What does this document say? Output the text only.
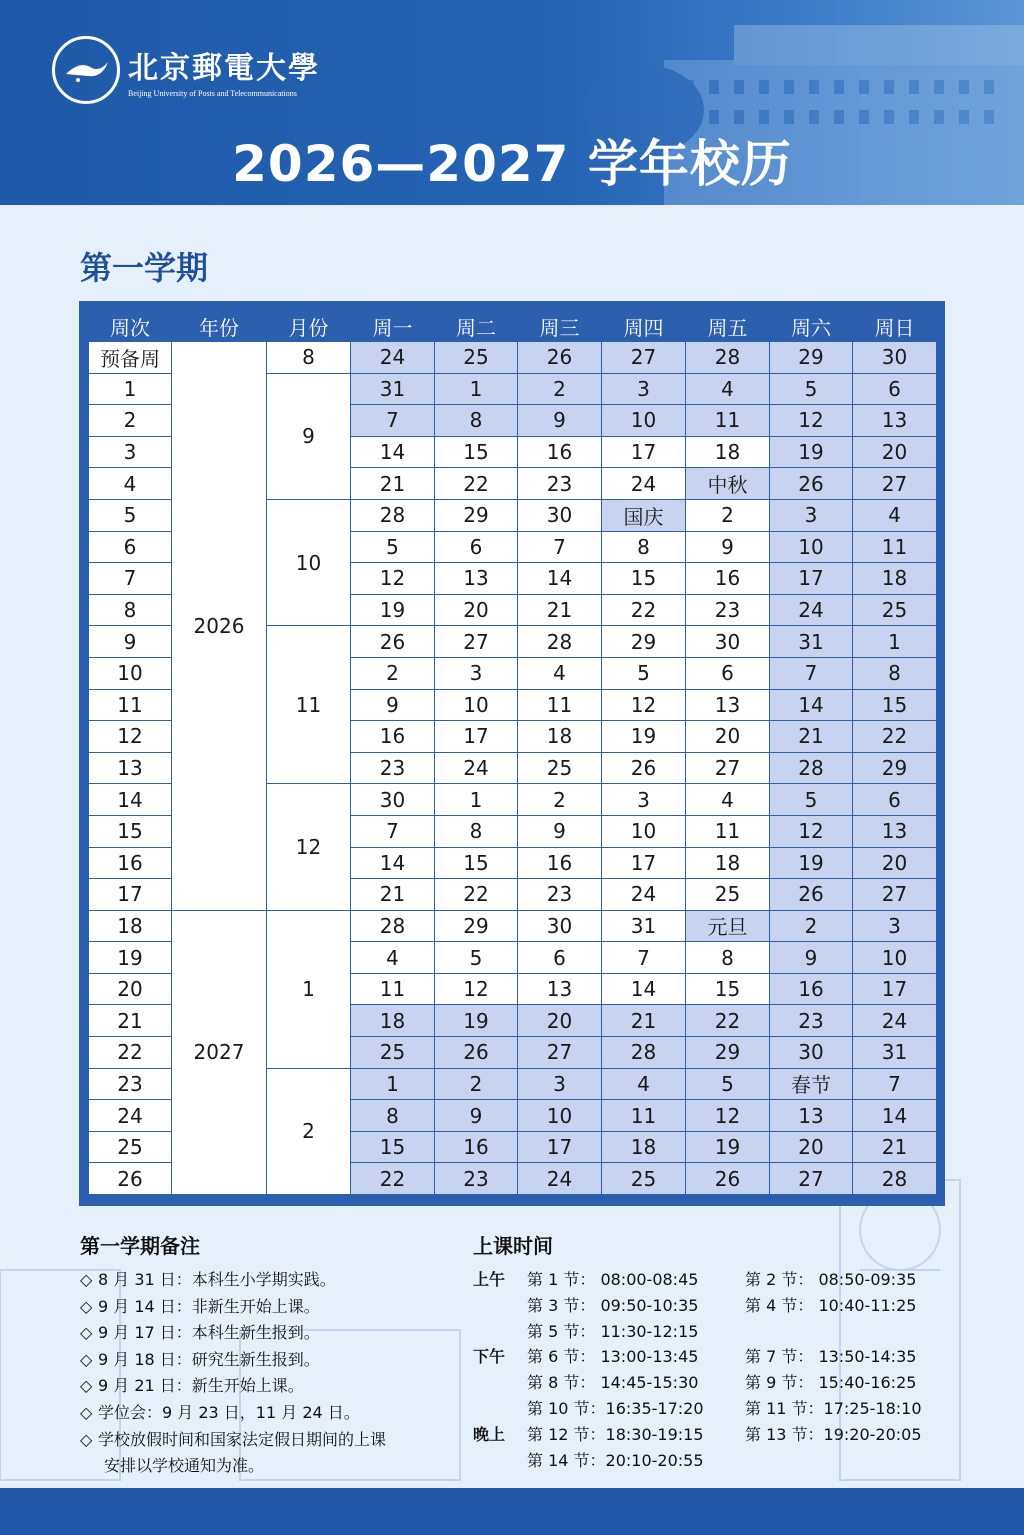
北京郵電大學
Beijing University of Posts and Telecommunications
2026—2027 学年校历
第一学期
周次	年份	月份	周一	周二	周三	周四	周五	周六	周日
预备周	2026	8	24	25	26	27	28	29	30
1		9	31	1	2	3	4	5	6
2			7	8	9	10	11	12	13
3			14	15	16	17	18	19	20
4			21	22	23	24	中秋	26	27
5		10	28	29	30	国庆	2	3	4
6			5	6	7	8	9	10	11
7			12	13	14	15	16	17	18
8			19	20	21	22	23	24	25
9		11	26	27	28	29	30	31	1
10			2	3	4	5	6	7	8
11			9	10	11	12	13	14	15
12			16	17	18	19	20	21	22
13			23	24	25	26	27	28	29
14		12	30	1	2	3	4	5	6
15			7	8	9	10	11	12	13
16			14	15	16	17	18	19	20
17			21	22	23	24	25	26	27
18	2027	1	28	29	30	31	元旦	2	3
19			4	5	6	7	8	9	10
20			11	12	13	14	15	16	17
21			18	19	20	21	22	23	24
22			25	26	27	28	29	30	31
23		2	1	2	3	4	5	春节	7
24			8	9	10	11	12	13	14
25			15	16	17	18	19	20	21
26			22	23	24	25	26	27	28
第一学期备注
◇ 8 月 31 日：本科生小学期实践。
◇ 9 月 14 日：非新生开始上课。
◇ 9 月 17 日：本科生新生报到。
◇ 9 月 18 日：研究生新生报到。
◇ 9 月 21 日：新生开始上课。
◇ 学位会：9 月 23 日，11 月 24 日。
◇ 学校放假时间和国家法定假日期间的上课
安排以学校通知为准。
上课时间
上午 第 1 节： 08:00-08:45	第 2 节： 08:50-09:35
第 3 节： 09:50-10:35	第 4 节： 10:40-11:25
第 5 节： 11:30-12:15
下午 第 6 节： 13:00-13:45	第 7 节： 13:50-14:35
第 8 节： 14:45-15:30	第 9 节： 15:40-16:25
第 10 节：16:35-17:20	第 11 节：17:25-18:10
晚上 第 12 节：18:30-19:15	第 13 节：19:20-20:05
第 14 节：20:10-20:55
